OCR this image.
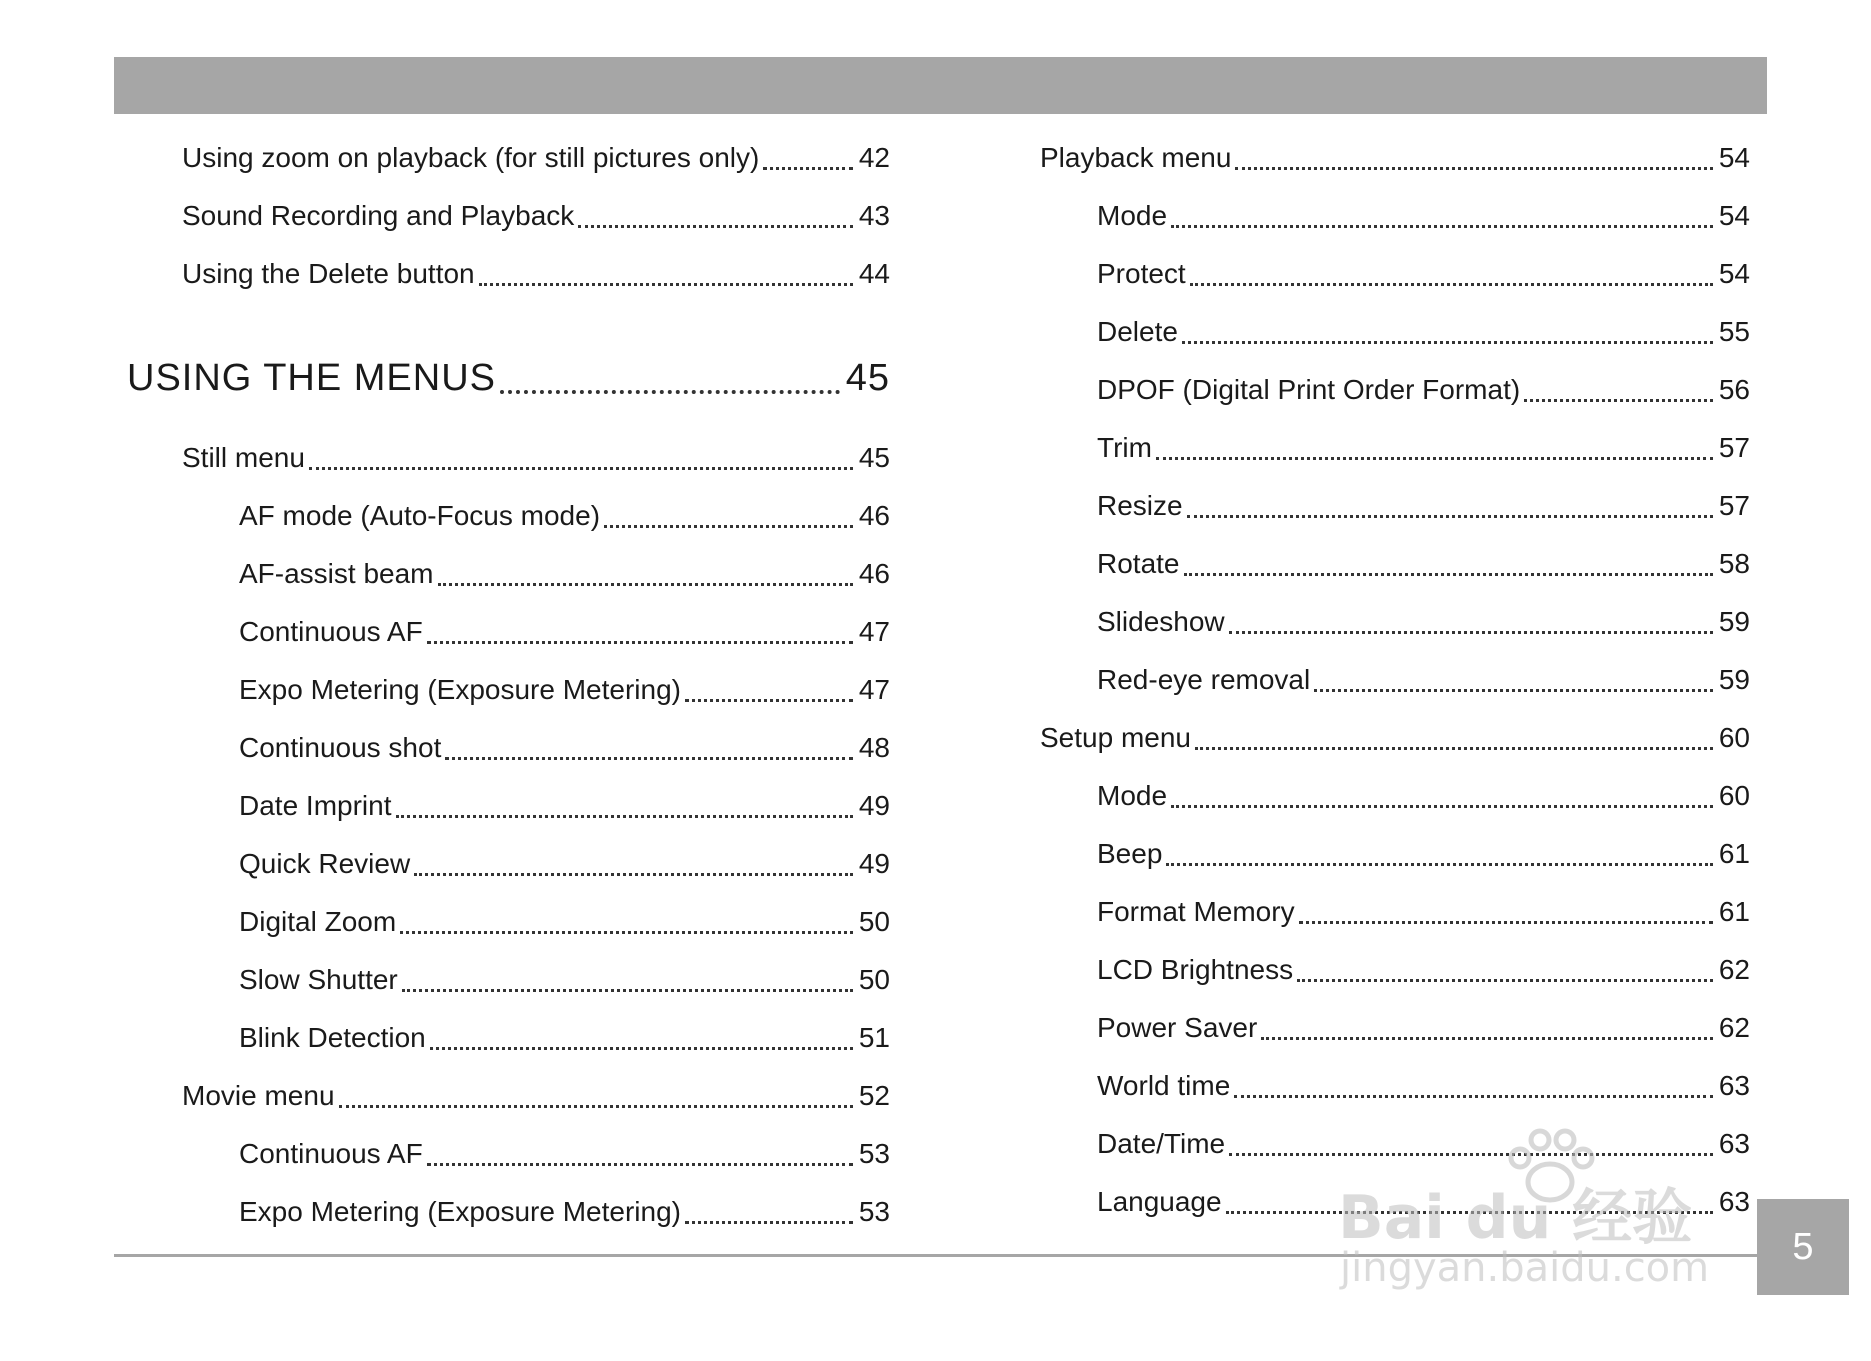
Using zoom on playback (for still pictures only)	42
Sound Recording and Playback	43
Using the Delete button	44
USING THE MENUS	45
Still menu	45
AF mode (Auto-Focus mode)	46
AF-assist beam	46
Continuous AF	47
Expo Metering (Exposure Metering)	47
Continuous shot	48
Date Imprint	49
Quick Review	49
Digital Zoom	50
Slow Shutter	50
Blink Detection	51
Movie menu	52
Continuous AF	53
Expo Metering (Exposure Metering)	53
Playback menu	54
Mode	54
Protect	54
Delete	55
DPOF (Digital Print Order Format)	56
Trim	57
Resize	57
Rotate	58
Slideshow	59
Red-eye removal	59
Setup menu	60
Mode	60
Beep	61
Format Memory	61
LCD Brightness	62
Power Saver	62
World time	63
Date/Time	63
Language	63
5
Bai du 经验
jingyan.baidu.com
